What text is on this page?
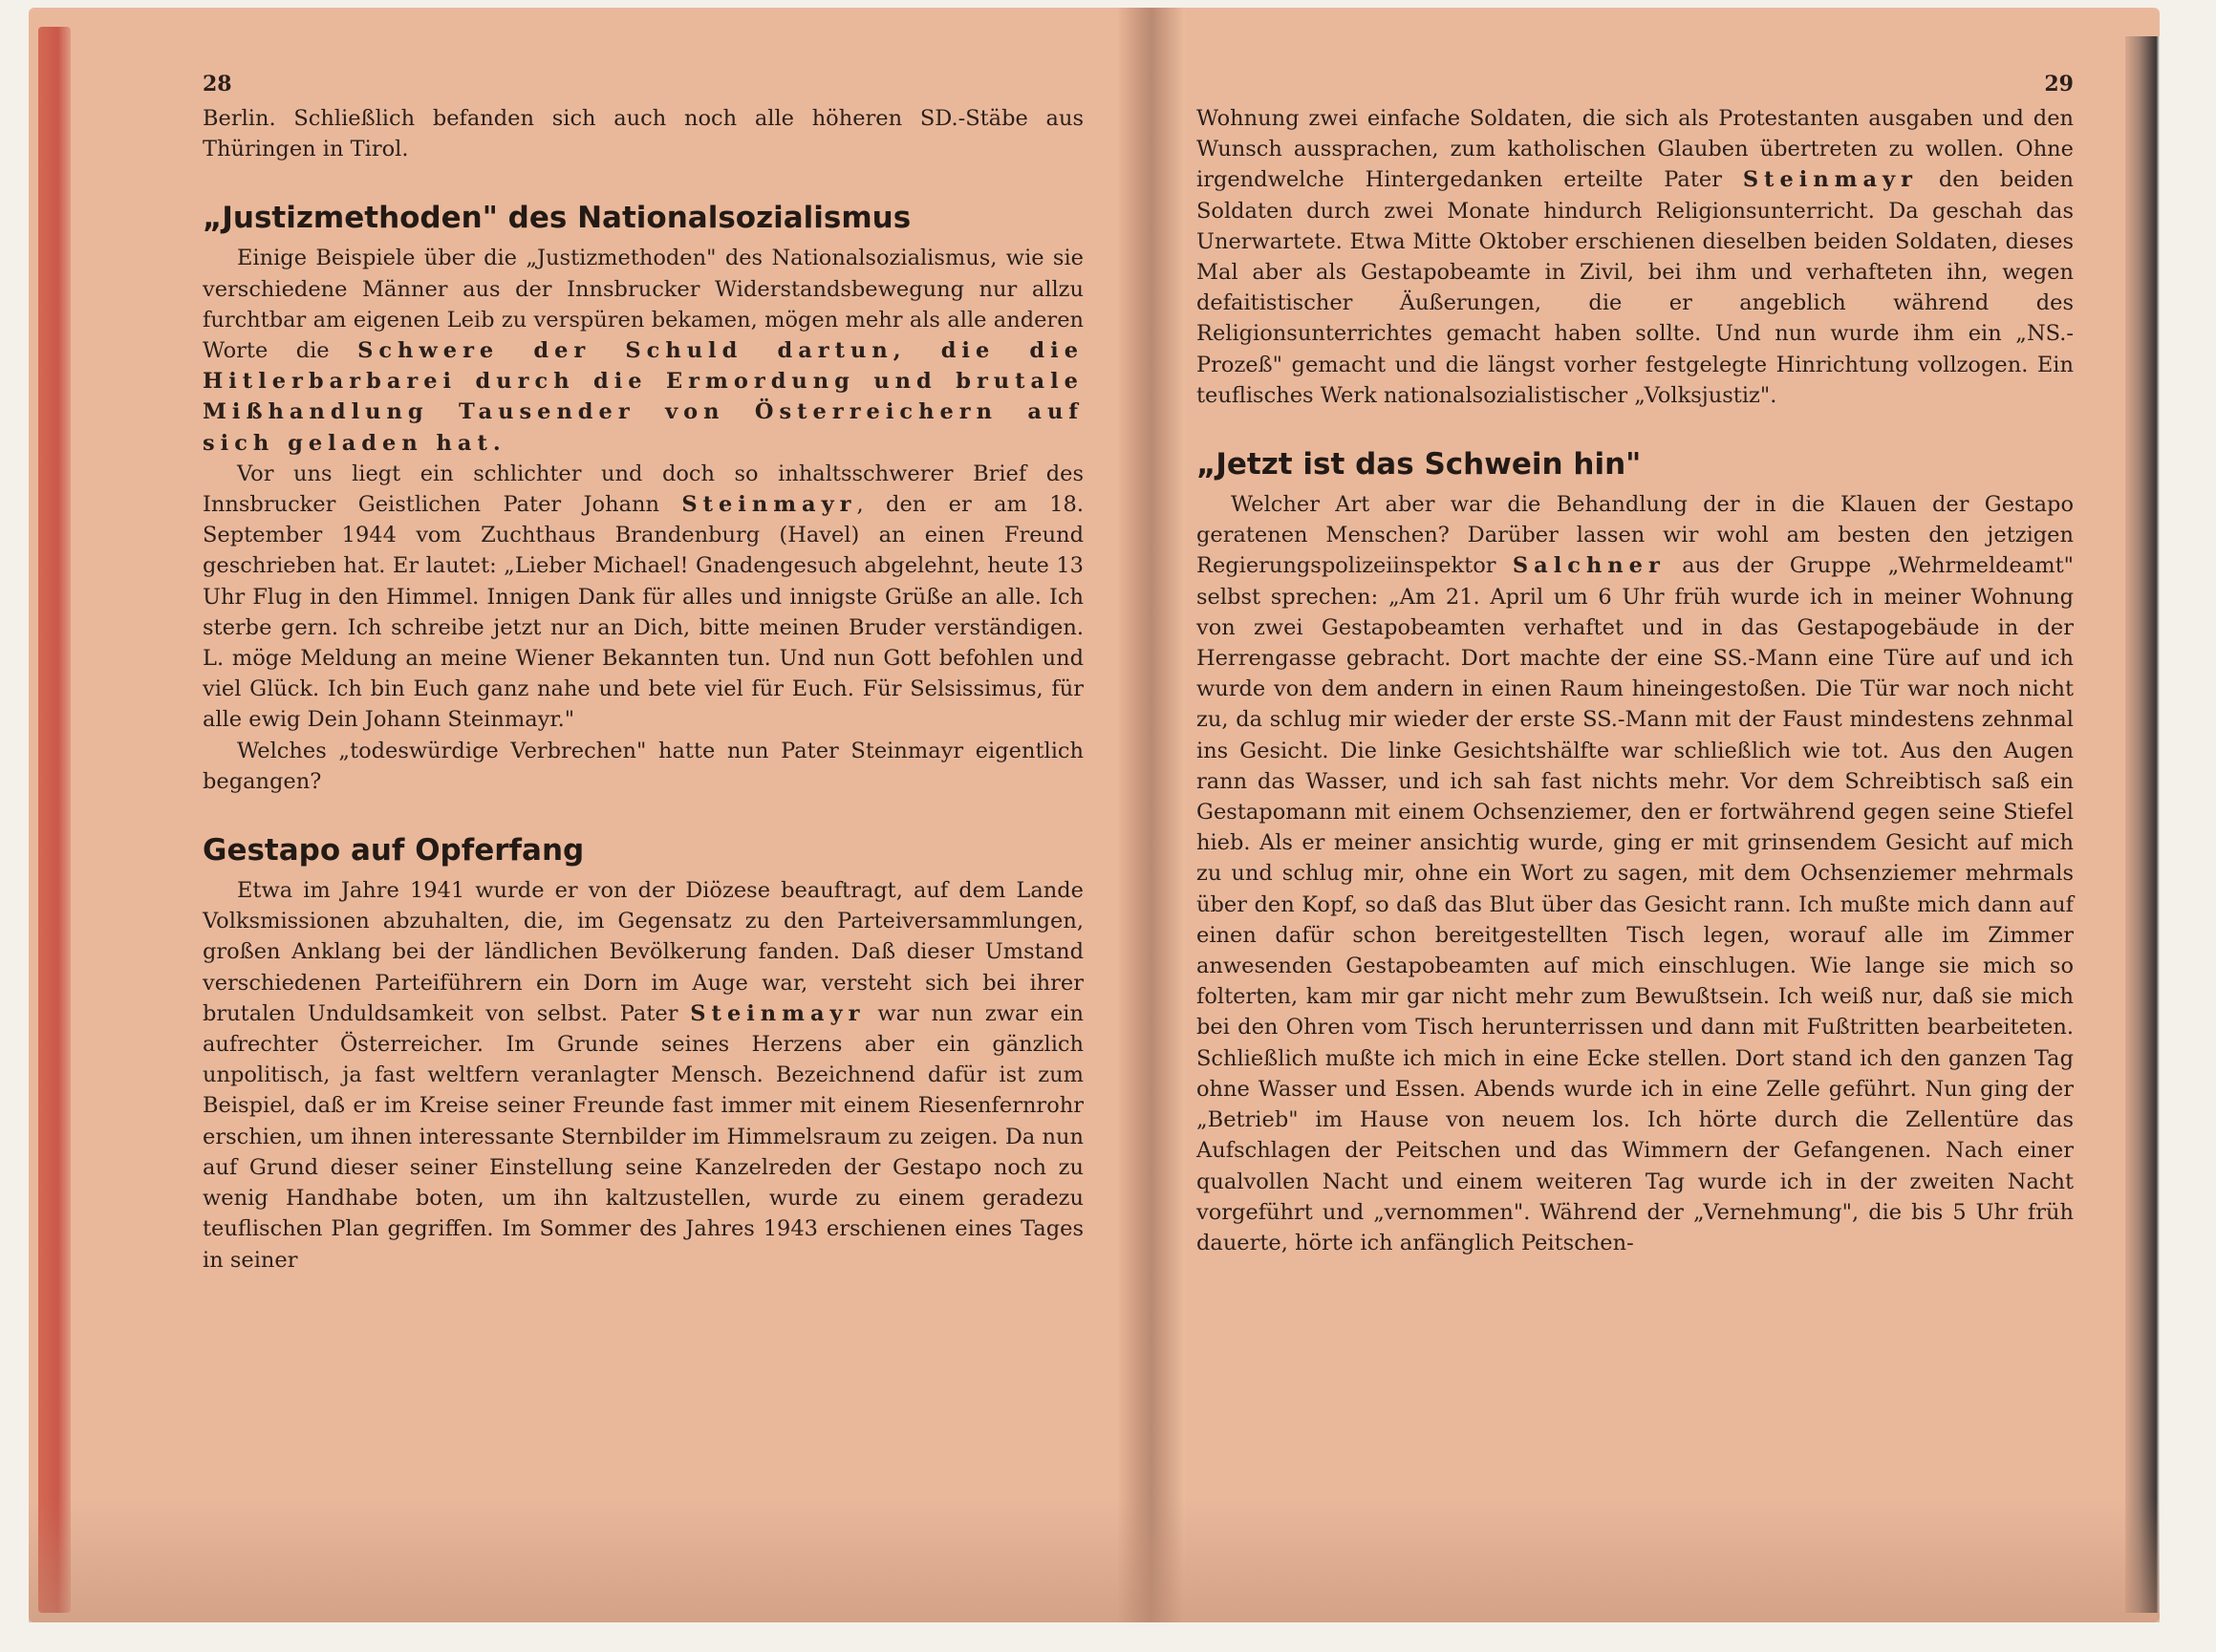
28

Berlin. Schließlich befanden sich auch noch alle höheren SD.-Stäbe aus Thüringen in Tirol.

„Justizmethoden" des Nationalsozialismus

Einige Beispiele über die „Justizmethoden" des Nationalsozialismus, wie sie verschiedene Männer aus der Innsbrucker Widerstandsbewegung nur allzu furchtbar am eigenen Leib zu verspüren bekamen, mögen mehr als alle anderen Worte die Schwere der Schuld dartun, die die Hitlerbarbarei durch die Ermordung und brutale Mißhandlung Tausender von Österreichern auf sich geladen hat.

Vor uns liegt ein schlichter und doch so inhaltsschwerer Brief des Innsbrucker Geistlichen Pater Johann Steinmayr, den er am 18. September 1944 vom Zuchthaus Brandenburg (Havel) an einen Freund geschrieben hat. Er lautet: „Lieber Michael! Gnadengesuch abgelehnt, heute 13 Uhr Flug in den Himmel. Innigen Dank für alles und innigste Grüße an alle. Ich sterbe gern. Ich schreibe jetzt nur an Dich, bitte meinen Bruder verständigen. L. möge Meldung an meine Wiener Bekannten tun. Und nun Gott befohlen und viel Glück. Ich bin Euch ganz nahe und bete viel für Euch. Für Selsissimus, für alle ewig Dein Johann Steinmayr."

Welches „todeswürdige Verbrechen" hatte nun Pater Steinmayr eigentlich begangen?

Gestapo auf Opferfang

Etwa im Jahre 1941 wurde er von der Diözese beauftragt, auf dem Lande Volksmissionen abzuhalten, die, im Gegensatz zu den Parteiversammlungen, großen Anklang bei der ländlichen Bevölkerung fanden. Daß dieser Umstand verschiedenen Parteiführern ein Dorn im Auge war, versteht sich bei ihrer brutalen Unduldsamkeit von selbst. Pater Steinmayr war nun zwar ein aufrechter Österreicher. Im Grunde seines Herzens aber ein gänzlich unpolitisch, ja fast weltfern veranlagter Mensch. Bezeichnend dafür ist zum Beispiel, daß er im Kreise seiner Freunde fast immer mit einem Riesenfernrohr erschien, um ihnen interessante Sternbilder im Himmelsraum zu zeigen. Da nun auf Grund dieser seiner Einstellung seine Kanzelreden der Gestapo noch zu wenig Handhabe boten, um ihn kaltzustellen, wurde zu einem geradezu teuflischen Plan gegriffen. Im Sommer des Jahres 1943 erschienen eines Tages in seiner

29

Wohnung zwei einfache Soldaten, die sich als Protestanten ausgaben und den Wunsch aussprachen, zum katholischen Glauben übertreten zu wollen. Ohne irgendwelche Hintergedanken erteilte Pater Steinmayr den beiden Soldaten durch zwei Monate hindurch Religionsunterricht. Da geschah das Unerwartete. Etwa Mitte Oktober erschienen dieselben beiden Soldaten, dieses Mal aber als Gestapobeamte in Zivil, bei ihm und verhafteten ihn, wegen defaitistischer Äußerungen, die er angeblich während des Religionsunterrichtes gemacht haben sollte. Und nun wurde ihm ein „NS.-Prozeß" gemacht und die längst vorher festgelegte Hinrichtung vollzogen. Ein teuflisches Werk nationalsozialistischer „Volksjustiz".

„Jetzt ist das Schwein hin"

Welcher Art aber war die Behandlung der in die Klauen der Gestapo geratenen Menschen? Darüber lassen wir wohl am besten den jetzigen Regierungspolizeiinspektor Salchner aus der Gruppe „Wehrmeldeamt" selbst sprechen: „Am 21. April um 6 Uhr früh wurde ich in meiner Wohnung von zwei Gestapobeamten verhaftet und in das Gestapogebäude in der Herrengasse gebracht. Dort machte der eine SS.-Mann eine Türe auf und ich wurde von dem andern in einen Raum hineingestoßen. Die Tür war noch nicht zu, da schlug mir wieder der erste SS.-Mann mit der Faust mindestens zehnmal ins Gesicht. Die linke Gesichtshälfte war schließlich wie tot. Aus den Augen rann das Wasser, und ich sah fast nichts mehr. Vor dem Schreibtisch saß ein Gestapomann mit einem Ochsenziemer, den er fortwährend gegen seine Stiefel hieb. Als er meiner ansichtig wurde, ging er mit grinsendem Gesicht auf mich zu und schlug mir, ohne ein Wort zu sagen, mit dem Ochsenziemer mehrmals über den Kopf, so daß das Blut über das Gesicht rann. Ich mußte mich dann auf einen dafür schon bereitgestellten Tisch legen, worauf alle im Zimmer anwesenden Gestapobeamten auf mich einschlugen. Wie lange sie mich so folterten, kam mir gar nicht mehr zum Bewußtsein. Ich weiß nur, daß sie mich bei den Ohren vom Tisch herunterrissen und dann mit Fußtritten bearbeiteten. Schließlich mußte ich mich in eine Ecke stellen. Dort stand ich den ganzen Tag ohne Wasser und Essen. Abends wurde ich in eine Zelle geführt. Nun ging der „Betrieb" im Hause von neuem los. Ich hörte durch die Zellentüre das Aufschlagen der Peitschen und das Wimmern der Gefangenen. Nach einer qualvollen Nacht und einem weiteren Tag wurde ich in der zweiten Nacht vorgeführt und „vernommen". Während der „Vernehmung", die bis 5 Uhr früh dauerte, hörte ich anfänglich Peitschen-
